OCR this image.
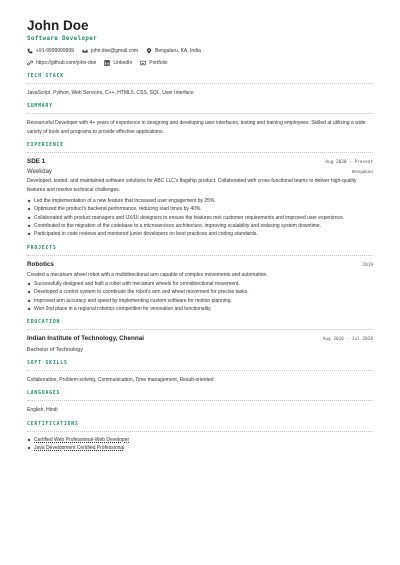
John Doe
Software Developer
+91-9999999999	john.doe@gmail.com	Bengaluru, KA, India
https://github.com/john-doe	LinkedIn	Portfolio
TECH STACK
JavaScript, Python, Web Services, C++, HTML5, CSS, SQL, User Interface
SUMMARY
Resourceful Developer with 4+ years of experience in designing and developing user interfaces, testing and training employees. Skilled at utilizing a wide variety of tools and programs to provide effective applications.
EXPERIENCE
SDE 1	Aug 2020 - Present
Weekday	Bengaluru
Developed, tested, and maintained software solutions for ABC LLC's flagship product. Collaborated with cross-functional teams to deliver high-quality features and resolve technical challenges.
Led the implementation of a new feature that increased user engagement by 25%.
Optimized the product's backend performance, reducing load times by 40%.
Collaborated with product managers and UX/UI designers to ensure the features met customer requirements and improved user experience.
Contributed to the migration of the codebase to a microservices architecture, improving scalability and reducing system downtime.
Participated in code reviews and mentored junior developers on best practices and coding standards.
PROJECTS
Robotics	2019
Created a mecanum wheel robot with a multidirectional arm capable of complex movements and automation.
Successfully designed and built a robot with mecanum wheels for omnidirectional movement.
Developed a control system to coordinate the robot's arm and wheel movement for precise tasks.
Improved arm accuracy and speed by implementing custom software for motion planning.
Won 2nd place in a regional robotics competition for innovation and functionality.
EDUCATION
Indian Institute of Technology, Chennai	Aug 2016 - Jul 2020
Bachelor of Technology
SOFT SKILLS
Collaboration, Problem-solving, Communication, Time management, Result-oriented
LANGUAGES
English, Hindi
CERTIFICATIONS
Certified Web Professional-Web Developer
Java Development Certified Professional
